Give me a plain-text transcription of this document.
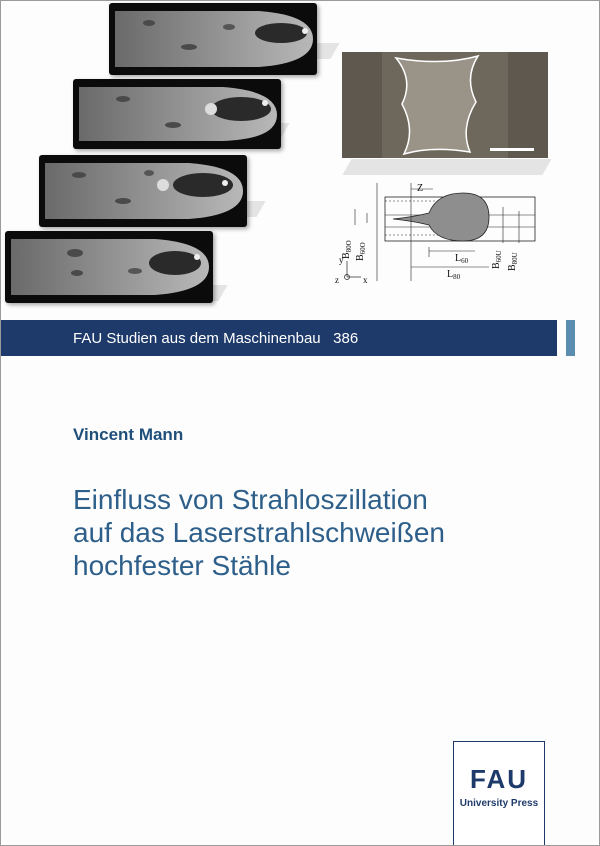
Z
$L_{60}$
$L_{80}$
$B_{80O}$
$B_{60O}$
$B_{60U}$
$B_{80U}$
y
z	x
FAU Studien aus dem Maschinenbau 386
Vincent Mann
Einfluss von Strahloszillation
auf das Laserstrahlschweißen
hochfester Stähle
FAU
University Press
